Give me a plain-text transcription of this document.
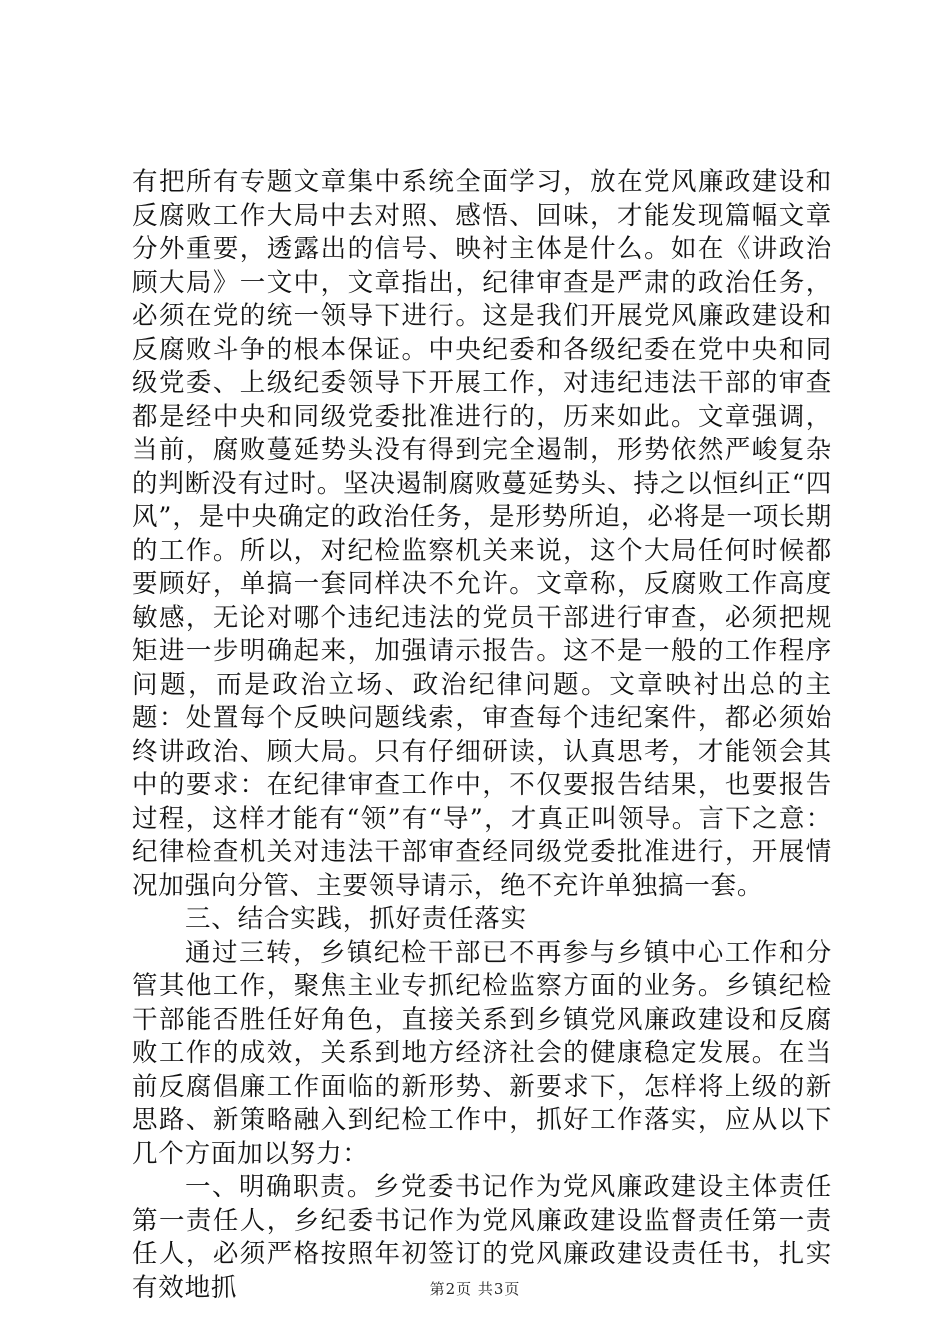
有把所有专题文章集中系统全面学习，放在党风廉政建设和反腐败工作大局中去对照、感悟、回味，才能发现篇幅文章分外重要，透露出的信号、映衬主体是什么。如在《讲政治顾大局》一文中，文章指出，纪律审查是严肃的政治任务，必须在党的统一领导下进行。这是我们开展党风廉政建设和反腐败斗争的根本保证。中央纪委和各级纪委在党中央和同级党委、上级纪委领导下开展工作，对违纪违法干部的审查都是经中央和同级党委批准进行的，历来如此。文章强调，当前，腐败蔓延势头没有得到完全遏制，形势依然严峻复杂的判断没有过时。坚决遏制腐败蔓延势头、持之以恒纠正“四风”，是中央确定的政治任务，是形势所迫，必将是一项长期的工作。所以，对纪检监察机关来说，这个大局任何时候都要顾好，单搞一套同样决不允许。文章称，反腐败工作高度敏感，无论对哪个违纪违法的党员干部进行审查，必须把规矩进一步明确起来，加强请示报告。这不是一般的工作程序问题，而是政治立场、政治纪律问题。文章映衬出总的主题：处置每个反映问题线索，审查每个违纪案件，都必须始终讲政治、顾大局。只有仔细研读，认真思考，才能领会其中的要求：在纪律审查工作中，不仅要报告结果，也要报告过程，这样才能有“领”有“导”，才真正叫领导。言下之意：纪律检查机关对违法干部审查经同级党委批准进行，开展情况加强向分管、主要领导请示，绝不充许单独搞一套。

三、结合实践，抓好责任落实

通过三转，乡镇纪检干部已不再参与乡镇中心工作和分管其他工作，聚焦主业专抓纪检监察方面的业务。乡镇纪检干部能否胜任好角色，直接关系到乡镇党风廉政建设和反腐败工作的成效，关系到地方经济社会的健康稳定发展。在当前反腐倡廉工作面临的新形势、新要求下，怎样将上级的新思路、新策略融入到纪检工作中，抓好工作落实，应从以下几个方面加以努力：

一、明确职责。乡党委书记作为党风廉政建设主体责任第一责任人，乡纪委书记作为党风廉政建设监督责任第一责任人，必须严格按照年初签订的党风廉政建设责任书，扎实有效地抓	第2页 共3页
